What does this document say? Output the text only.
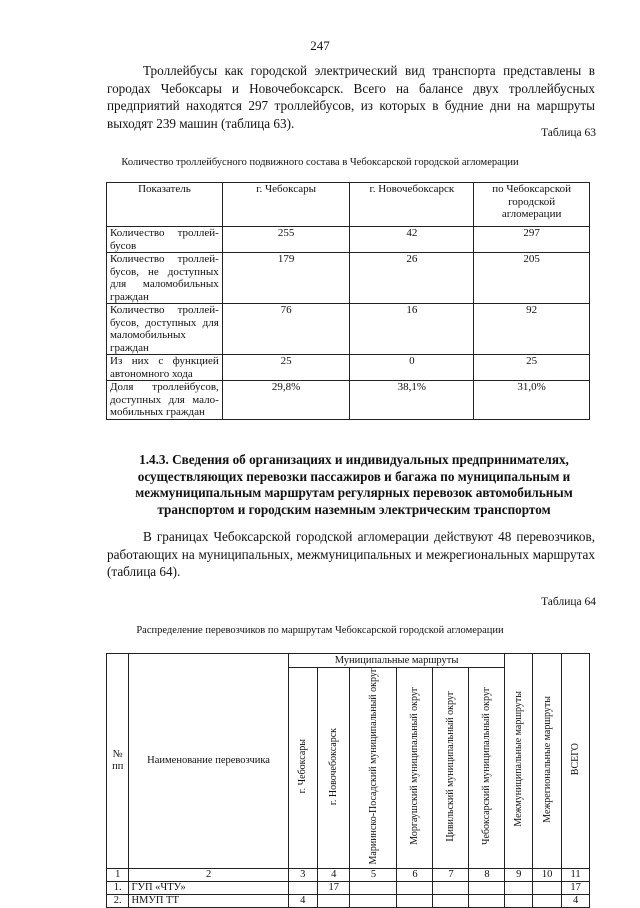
247

Троллейбусы как городской электрический вид транспорта представлены в городах Чебоксары и Новочебоксарск. Всего на балансе двух троллейбусных предприятий находятся 297 троллейбусов, из которых в будние дни на маршруты выходят 239 машин (таблица 63).

Таблица 63
Количество троллейбусного подвижного состава в Чебоксарской городской агломерации
Показатель	г. Чебоксары	г. Новочебоксарск	по Чебоксарской городской агломерации
Количество троллей-бусов	255	42	297
Количество троллей-бусов, не доступных для маломобильных граждан	179	26	205
Количество троллей-бусов, доступных для маломобильных граждан	76	16	92
Из них с функцией автономного хода	25	0	25
Доля троллейбусов, доступных для мало-мобильных граждан	29,8%	38,1%	31,0%
1.4.3. Сведения об организациях и индивидуальных предпринимателях, осуществляющих перевозки пассажиров и багажа по муниципальным и межмуниципальным маршрутам регулярных перевозок автомобильным транспортом и городским наземным электрическим транспортом

В границах Чебоксарской городской агломерации действуют 48 перевозчиков, работающих на муниципальных, межмуниципальных и межрегиональных маршрутах (таблица 64).

Таблица 64
Распределение перевозчиков по маршрутам Чебоксарской городской агломерации
№ пп	Наименование перевозчика	Муниципальные маршруты						Межмуниципальные маршруты	Межрегиональные маршруты	ВСЕГО
		г. Чебоксары	г. Новочебоксарск	Мариинско-Посадский муниципальный округ	Моргаушский муниципальный округ	Цивильский муниципальный округ	Чебоксарский муниципальный округ			
1	2	3	4	5	6	7	8	9	10	11
1.	ГУП «ЧТУ»		17							17
2.	НМУП ТТ	4								4
